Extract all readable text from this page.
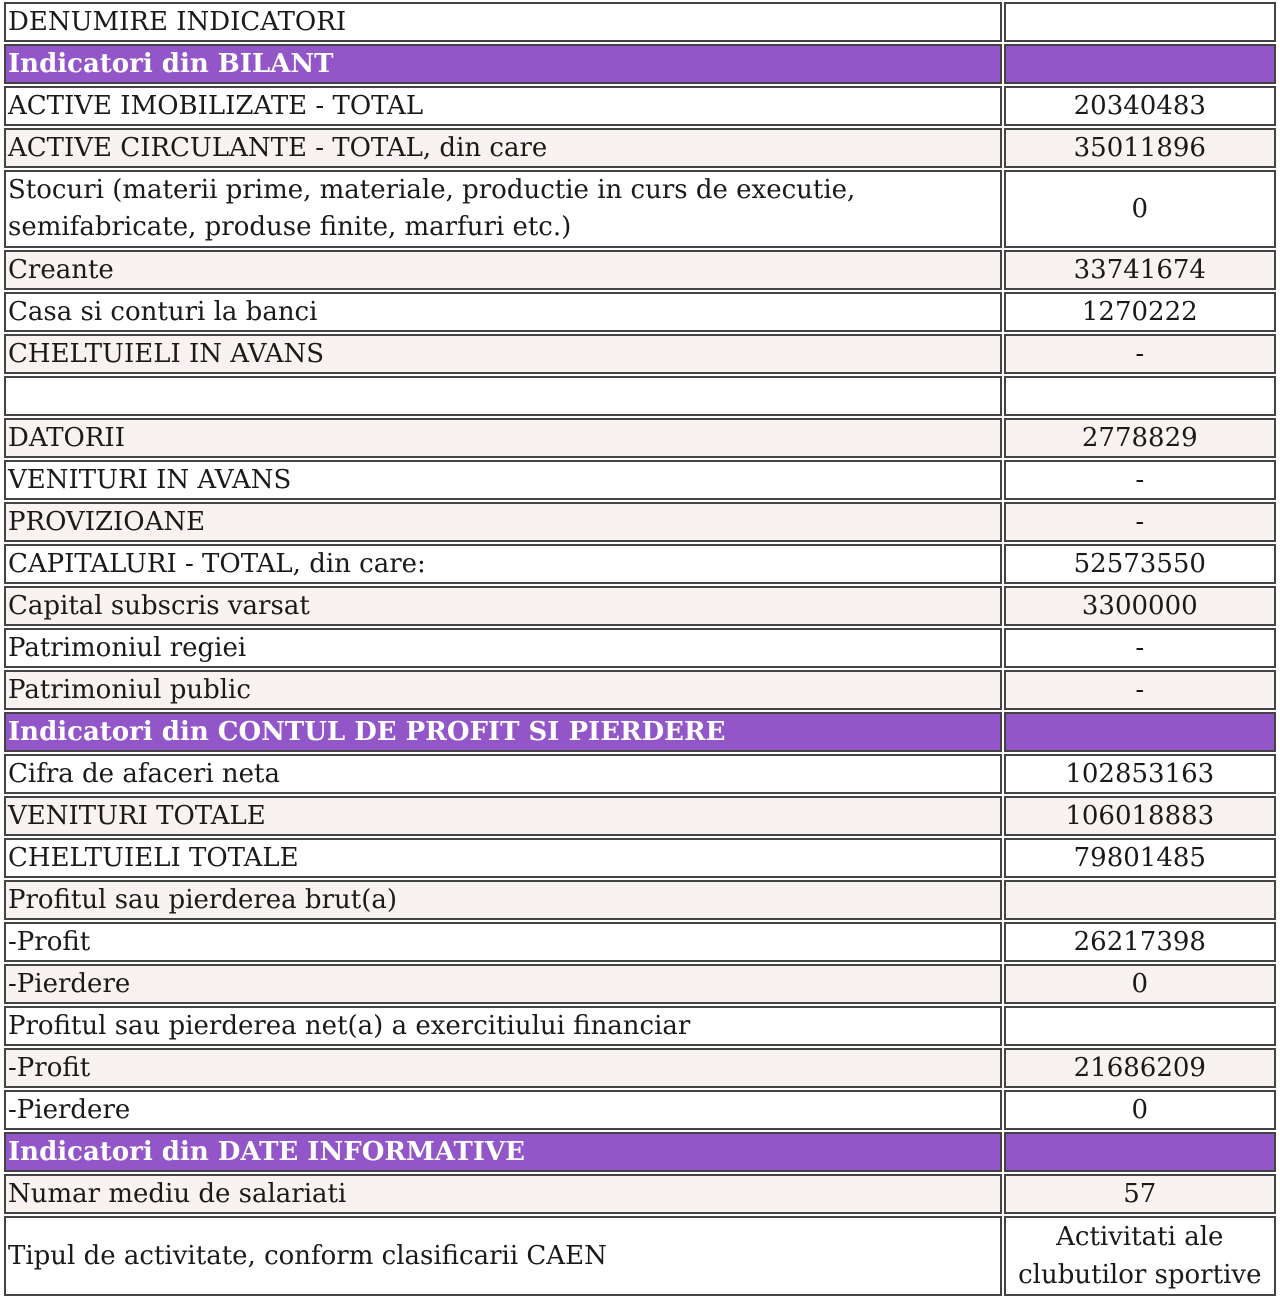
DENUMIRE INDICATORI	
Indicatori din BILANT	
ACTIVE IMOBILIZATE - TOTAL	20340483
ACTIVE CIRCULANTE - TOTAL, din care	35011896
Stocuri (materii prime, materiale, productie in curs de executie, semifabricate, produse finite, marfuri etc.)	0
Creante	33741674
Casa si conturi la banci	1270222
CHELTUIELI IN AVANS	-

DATORII	2778829
VENITURI IN AVANS	-
PROVIZIOANE	-
CAPITALURI - TOTAL, din care:	52573550
Capital subscris varsat	3300000
Patrimoniul regiei	-
Patrimoniul public	-
Indicatori din CONTUL DE PROFIT SI PIERDERE	
Cifra de afaceri neta	102853163
VENITURI TOTALE	106018883
CHELTUIELI TOTALE	79801485
Profitul sau pierderea brut(a)	
-Profit	26217398
-Pierdere	0
Profitul sau pierderea net(a) a exercitiului financiar	
-Profit	21686209
-Pierdere	0
Indicatori din DATE INFORMATIVE	
Numar mediu de salariati	57
Tipul de activitate, conform clasificarii CAEN	Activitati ale clubutilor sportive
